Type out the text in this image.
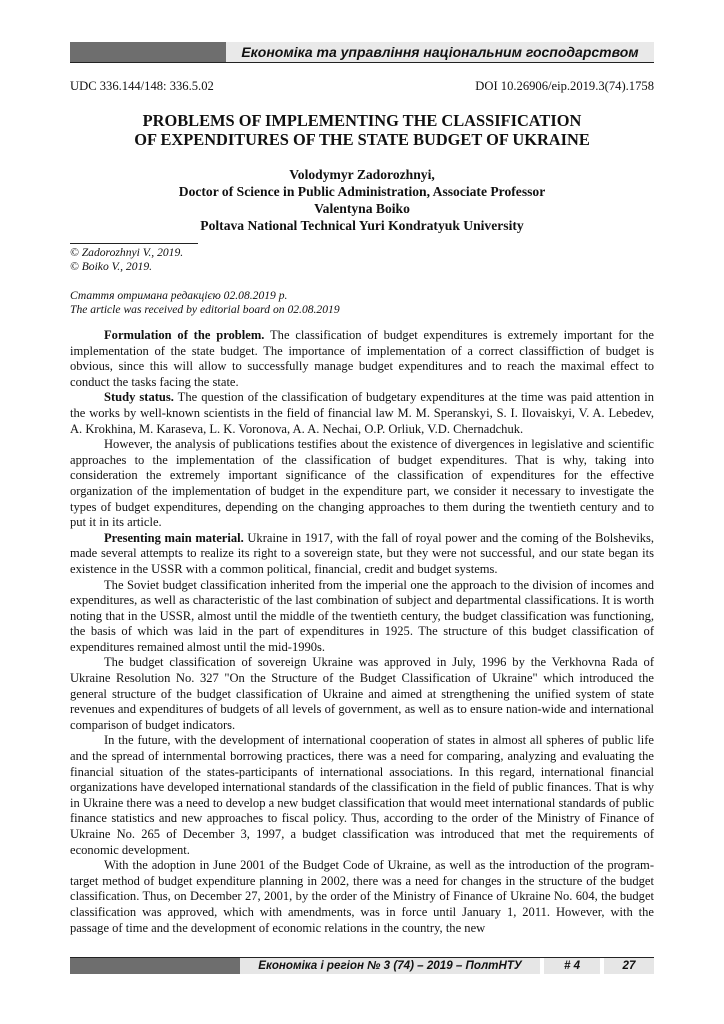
Економіка та управління національним господарством
UDC 336.144/148: 336.5.02	DOI 10.26906/eip.2019.3(74).1758
PROBLEMS OF IMPLEMENTING THE CLASSIFICATION
OF EXPENDITURES OF THE STATE BUDGET OF UKRAINE
Volodymyr Zadorozhnyi,
Doctor of Science in Public Administration, Associate Professor
Valentyna Boiko
Poltava National Technical Yuri Kondratyuk University
© Zadorozhnyi V., 2019.
© Boiko V., 2019.
Стаття отримана редакцією 02.08.2019 р.
The article was received by editorial board on 02.08.2019

Formulation of the problem. The classification of budget expenditures is extremely important for the implementation of the state budget. The importance of implementation of a correct classiffiction of budget is obvious, since this will allow to successfully manage budget expenditures and to reach the maximal effect to conduct the tasks facing the state.

Study status. The question of the classification of budgetary expenditures at the time was paid attention in the works by well-known scientists in the field of financial law M. M. Speranskyi, S. I. Ilovaiskyi, V. A. Lebedev, A. Krokhina, M. Karaseva, L. K. Voronova, A. A. Nechai, O.P. Orliuk, V.D. Chernadchuk.

However, the analysis of publications testifies about the existence of divergences in legislative and scientific approaches to the implementation of the classification of budget expenditures. That is why, taking into consideration the extremely important significance of the classification of expenditures for the effective organization of the implementation of budget in the expenditure part, we consider it necessary to investigate the types of budget expenditures, depending on the changing approaches to them during the twentieth century and to put it in its article.

Presenting main material. Ukraine in 1917, with the fall of royal power and the coming of the Bolsheviks, made several attempts to realize its right to a sovereign state, but they were not successful, and our state began its existence in the USSR with a common political, financial, credit and budget systems.

The Soviet budget classification inherited from the imperial one the approach to the division of incomes and expenditures, as well as characteristic of the last combination of subject and departmental classifications. It is worth noting that in the USSR, almost until the middle of the twentieth century, the budget classification was functioning, the basis of which was laid in the part of expenditures in 1925. The structure of this budget classification of expenditures remained almost until the mid-1990s.

The budget classification of sovereign Ukraine was approved in July, 1996 by the Verkhovna Rada of Ukraine Resolution No. 327 "On the Structure of the Budget Classification of Ukraine" which introduced the general structure of the budget classification of Ukraine and aimed at strengthening the unified system of state revenues and expenditures of budgets of all levels of government, as well as to ensure nation-wide and international comparison of budget indicators.

In the future, with the development of international cooperation of states in almost all spheres of public life and the spread of internmental borrowing practices, there was a need for comparing, analyzing and evaluating the financial situation of the states-participants of international associations. In this regard, international financial organizations have developed international standards of the classification in the field of public finances. That is why in Ukraine there was a need to develop a new budget classification that would meet international standards of public finance statistics and new approaches to fiscal policy. Thus, according to the order of the Ministry of Finance of Ukraine No. 265 of December 3, 1997, a budget classification was introduced that met the requirements of economic development.

With the adoption in June 2001 of the Budget Code of Ukraine, as well as the introduction of the program-target method of budget expenditure planning in 2002, there was a need for changes in the structure of the budget classification. Thus, on December 27, 2001, by the order of the Ministry of Finance of Ukraine No. 604, the budget classification was approved, which with amendments, was in force until January 1, 2011. However, with the passage of time and the development of economic relations in the country, the new

Економіка і регіон № 3 (74) – 2019 – ПолтНТУ	# 4	27
